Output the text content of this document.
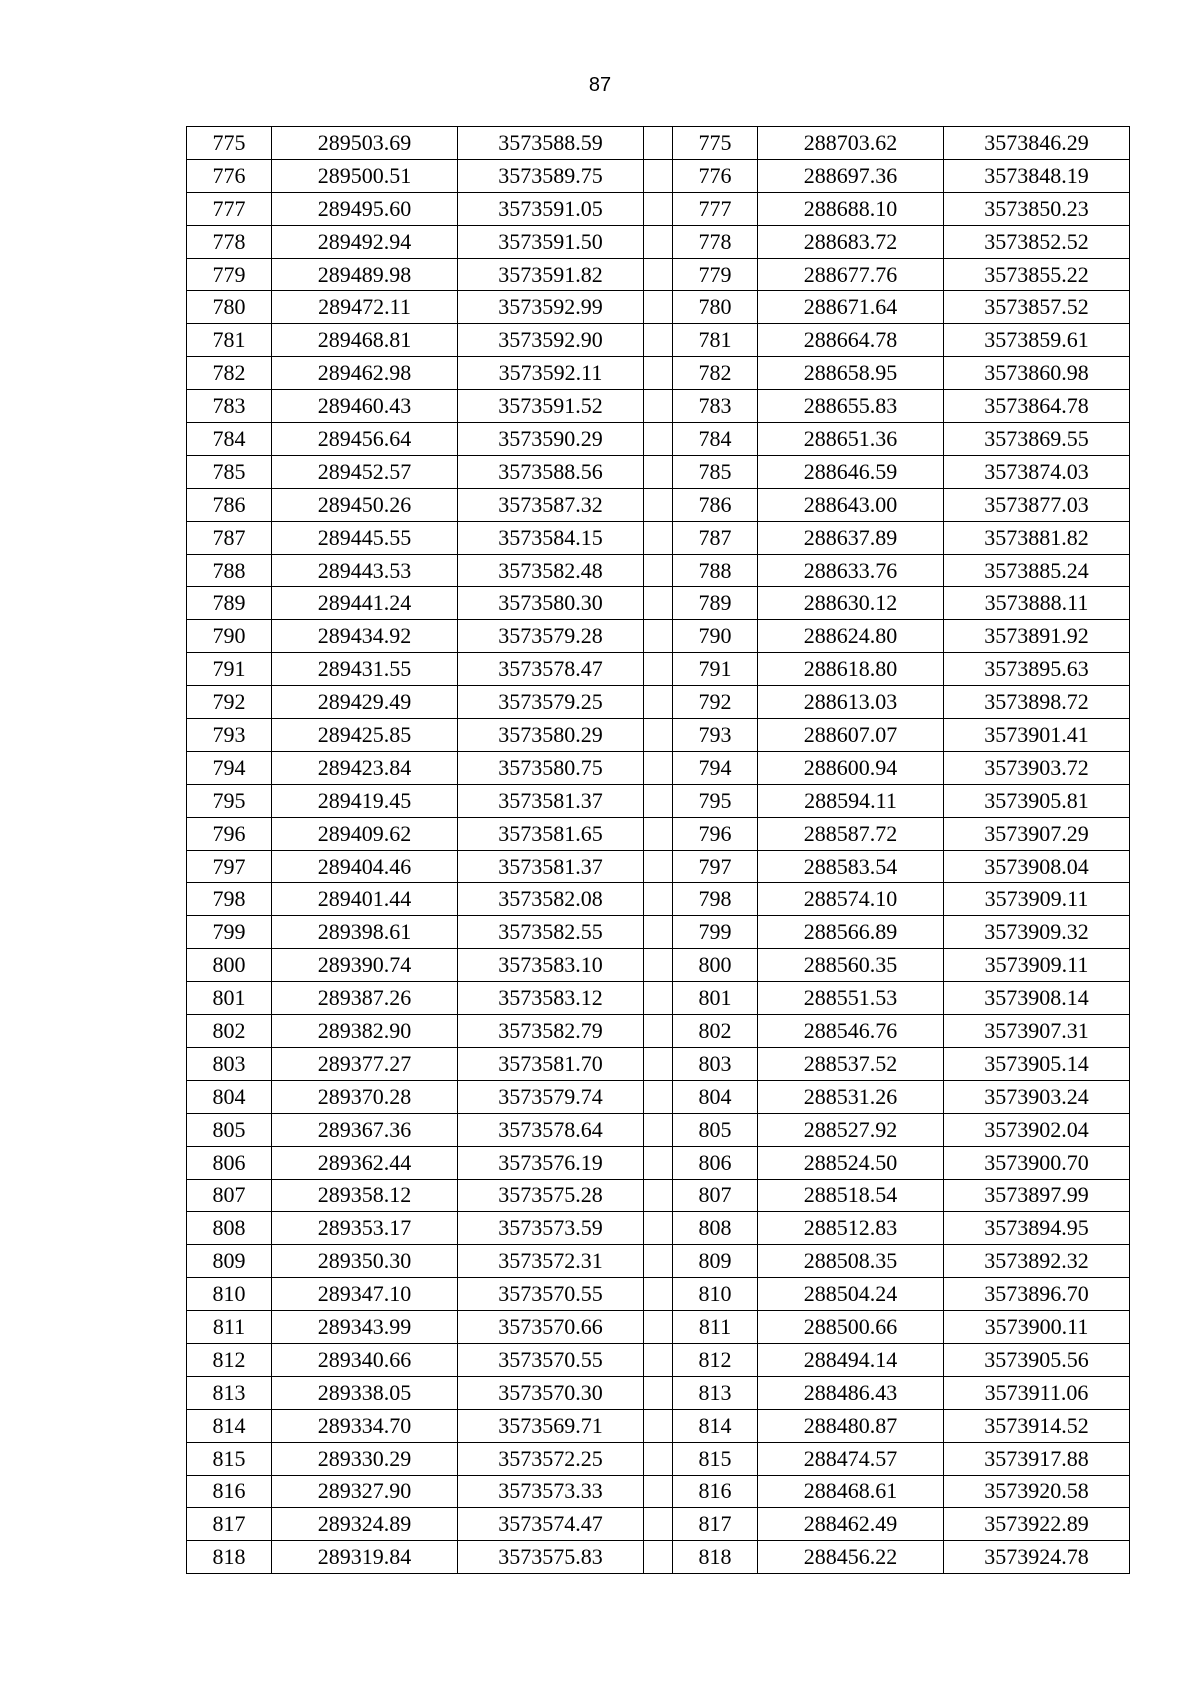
87
775	289503.69	3573588.59		775	288703.62	3573846.29
776	289500.51	3573589.75		776	288697.36	3573848.19
777	289495.60	3573591.05		777	288688.10	3573850.23
778	289492.94	3573591.50		778	288683.72	3573852.52
779	289489.98	3573591.82		779	288677.76	3573855.22
780	289472.11	3573592.99		780	288671.64	3573857.52
781	289468.81	3573592.90		781	288664.78	3573859.61
782	289462.98	3573592.11		782	288658.95	3573860.98
783	289460.43	3573591.52		783	288655.83	3573864.78
784	289456.64	3573590.29		784	288651.36	3573869.55
785	289452.57	3573588.56		785	288646.59	3573874.03
786	289450.26	3573587.32		786	288643.00	3573877.03
787	289445.55	3573584.15		787	288637.89	3573881.82
788	289443.53	3573582.48		788	288633.76	3573885.24
789	289441.24	3573580.30		789	288630.12	3573888.11
790	289434.92	3573579.28		790	288624.80	3573891.92
791	289431.55	3573578.47		791	288618.80	3573895.63
792	289429.49	3573579.25		792	288613.03	3573898.72
793	289425.85	3573580.29		793	288607.07	3573901.41
794	289423.84	3573580.75		794	288600.94	3573903.72
795	289419.45	3573581.37		795	288594.11	3573905.81
796	289409.62	3573581.65		796	288587.72	3573907.29
797	289404.46	3573581.37		797	288583.54	3573908.04
798	289401.44	3573582.08		798	288574.10	3573909.11
799	289398.61	3573582.55		799	288566.89	3573909.32
800	289390.74	3573583.10		800	288560.35	3573909.11
801	289387.26	3573583.12		801	288551.53	3573908.14
802	289382.90	3573582.79		802	288546.76	3573907.31
803	289377.27	3573581.70		803	288537.52	3573905.14
804	289370.28	3573579.74		804	288531.26	3573903.24
805	289367.36	3573578.64		805	288527.92	3573902.04
806	289362.44	3573576.19		806	288524.50	3573900.70
807	289358.12	3573575.28		807	288518.54	3573897.99
808	289353.17	3573573.59		808	288512.83	3573894.95
809	289350.30	3573572.31		809	288508.35	3573892.32
810	289347.10	3573570.55		810	288504.24	3573896.70
811	289343.99	3573570.66		811	288500.66	3573900.11
812	289340.66	3573570.55		812	288494.14	3573905.56
813	289338.05	3573570.30		813	288486.43	3573911.06
814	289334.70	3573569.71		814	288480.87	3573914.52
815	289330.29	3573572.25		815	288474.57	3573917.88
816	289327.90	3573573.33		816	288468.61	3573920.58
817	289324.89	3573574.47		817	288462.49	3573922.89
818	289319.84	3573575.83		818	288456.22	3573924.78
